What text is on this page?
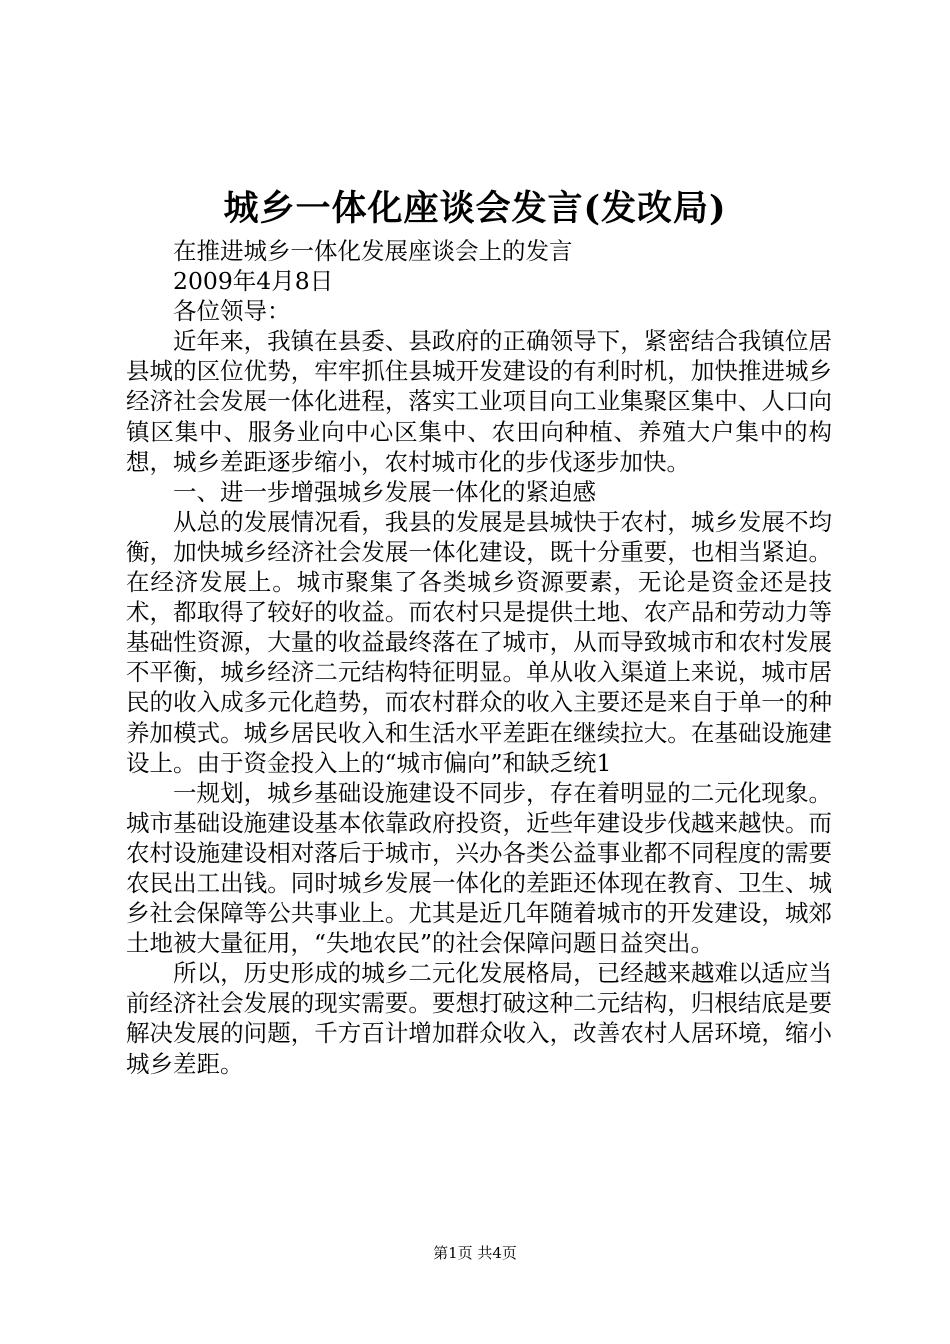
城乡一体化座谈会发言(发改局)

在推进城乡一体化发展座谈会上的发言

2009年4月8日

各位领导：

近年来，我镇在县委、县政府的正确领导下，紧密结合我镇位居县城的区位优势，牢牢抓住县城开发建设的有利时机，加快推进城乡经济社会发展一体化进程，落实工业项目向工业集聚区集中、人口向镇区集中、服务业向中心区集中、农田向种植、养殖大户集中的构想，城乡差距逐步缩小，农村城市化的步伐逐步加快。

一、进一步增强城乡发展一体化的紧迫感

从总的发展情况看，我县的发展是县城快于农村，城乡发展不均衡，加快城乡经济社会发展一体化建设，既十分重要，也相当紧迫。在经济发展上。城市聚集了各类城乡资源要素，无论是资金还是技术，都取得了较好的收益。而农村只是提供土地、农产品和劳动力等基础性资源，大量的收益最终落在了城市，从而导致城市和农村发展不平衡，城乡经济二元结构特征明显。单从收入渠道上来说，城市居民的收入成多元化趋势，而农村群众的收入主要还是来自于单一的种养加模式。城乡居民收入和生活水平差距在继续拉大。在基础设施建设上。由于资金投入上的“城市偏向”和缺乏统1

一规划，城乡基础设施建设不同步，存在着明显的二元化现象。城市基础设施建设基本依靠政府投资，近些年建设步伐越来越快。而农村设施建设相对落后于城市，兴办各类公益事业都不同程度的需要农民出工出钱。同时城乡发展一体化的差距还体现在教育、卫生、城乡社会保障等公共事业上。尤其是近几年随着城市的开发建设，城郊土地被大量征用，“失地农民”的社会保障问题日益突出。

所以，历史形成的城乡二元化发展格局，已经越来越难以适应当前经济社会发展的现实需要。要想打破这种二元结构，归根结底是要解决发展的问题，千方百计增加群众收入，改善农村人居环境，缩小城乡差距。

第1页 共4页
